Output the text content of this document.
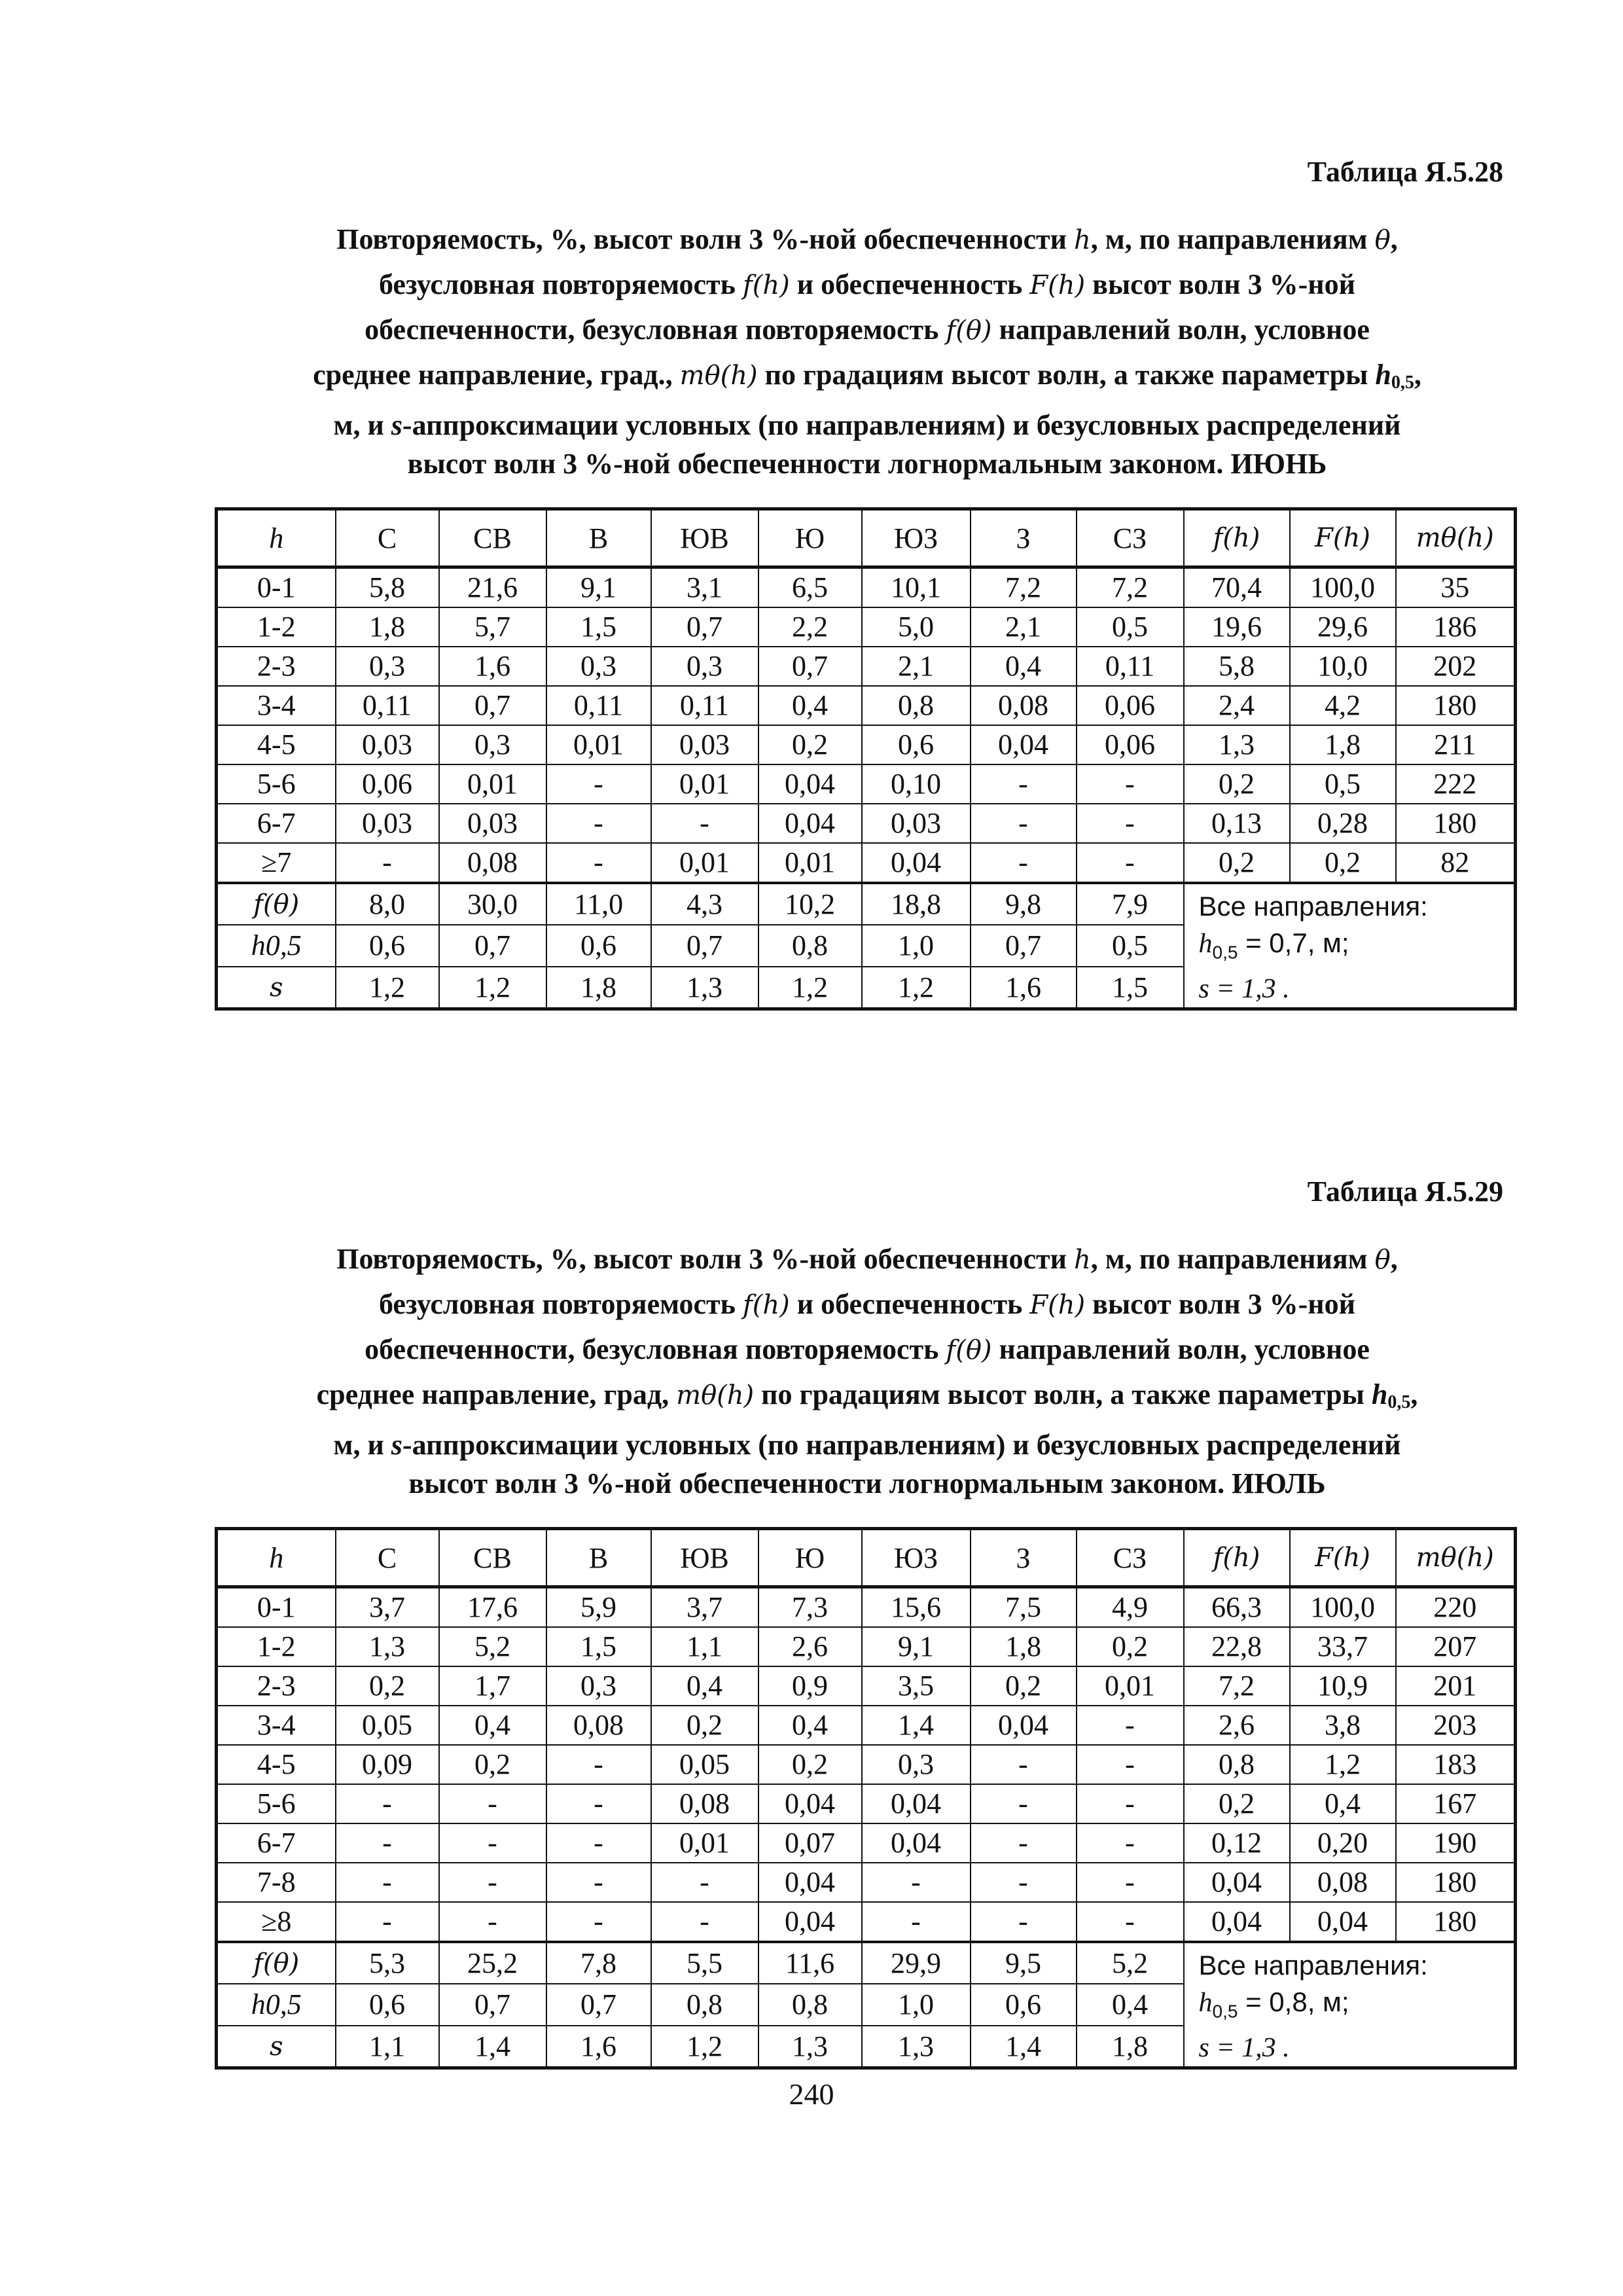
Таблица Я.5.28
Повторяемость, %, высот волн 3 %-ной обеспеченности h, м, по направлениям θ,
безусловная повторяемость f(h) и обеспеченность F(h) высот волн 3 %-ной
обеспеченности, безусловная повторяемость f(θ) направлений волн, условное
среднее направление, град., mθ(h) по градациям высот волн, а также параметры $h_{0,5}$,
м, и s-аппроксимации условных (по направлениям) и безусловных распределений
высот волн 3 %-ной обеспеченности логнормальным законом. ИЮНЬ
h	С	СВ	В	ЮВ	Ю	ЮЗ	З	СЗ	f(h)	F(h)	mθ(h)
0-1	5,8	21,6	9,1	3,1	6,5	10,1	7,2	7,2	70,4	100,0	35
1-2	1,8	5,7	1,5	0,7	2,2	5,0	2,1	0,5	19,6	29,6	186
2-3	0,3	1,6	0,3	0,3	0,7	2,1	0,4	0,11	5,8	10,0	202
3-4	0,11	0,7	0,11	0,11	0,4	0,8	0,08	0,06	2,4	4,2	180
4-5	0,03	0,3	0,01	0,03	0,2	0,6	0,04	0,06	1,3	1,8	211
5-6	0,06	0,01	-	0,01	0,04	0,10	-	-	0,2	0,5	222
6-7	0,03	0,03	-	-	0,04	0,03	-	-	0,13	0,28	180
≥7	-	0,08	-	0,01	0,01	0,04	-	-	0,2	0,2	82
f(θ)	8,0	30,0	11,0	4,3	10,2	18,8	9,8	7,9	Все направления:
$h_{0,5} = 0,7$, м;
s = 1,3 .		

h0,5	0,6	0,7	0,6	0,7	0,8	1,0	0,7	0,5			
s	1,2	1,2	1,8	1,3	1,2	1,2	1,6	1,5			
Таблица Я.5.29
Повторяемость, %, высот волн 3 %-ной обеспеченности h, м, по направлениям θ,
безусловная повторяемость f(h) и обеспеченность F(h) высот волн 3 %-ной
обеспеченности, безусловная повторяемость f(θ) направлений волн, условное
среднее направление, град, mθ(h) по градациям высот волн, а также параметры $h_{0,5}$,
м, и s-аппроксимации условных (по направлениям) и безусловных распределений
высот волн 3 %-ной обеспеченности логнормальным законом. ИЮЛЬ
h	С	СВ	В	ЮВ	Ю	ЮЗ	З	СЗ	f(h)	F(h)	mθ(h)
0-1	3,7	17,6	5,9	3,7	7,3	15,6	7,5	4,9	66,3	100,0	220
1-2	1,3	5,2	1,5	1,1	2,6	9,1	1,8	0,2	22,8	33,7	207
2-3	0,2	1,7	0,3	0,4	0,9	3,5	0,2	0,01	7,2	10,9	201
3-4	0,05	0,4	0,08	0,2	0,4	1,4	0,04	-	2,6	3,8	203
4-5	0,09	0,2	-	0,05	0,2	0,3	-	-	0,8	1,2	183
5-6	-	-	-	0,08	0,04	0,04	-	-	0,2	0,4	167
6-7	-	-	-	0,01	0,07	0,04	-	-	0,12	0,20	190
7-8	-	-	-	-	0,04	-	-	-	0,04	0,08	180
≥8	-	-	-	-	0,04	-	-	-	0,04	0,04	180
f(θ)	5,3	25,2	7,8	5,5	11,6	29,9	9,5	5,2	Все направления:
$h_{0,5} = 0,8$, м;
s = 1,3 .		

h0,5	0,6	0,7	0,7	0,8	0,8	1,0	0,6	0,4			
s	1,1	1,4	1,6	1,2	1,3	1,3	1,4	1,8			
240
